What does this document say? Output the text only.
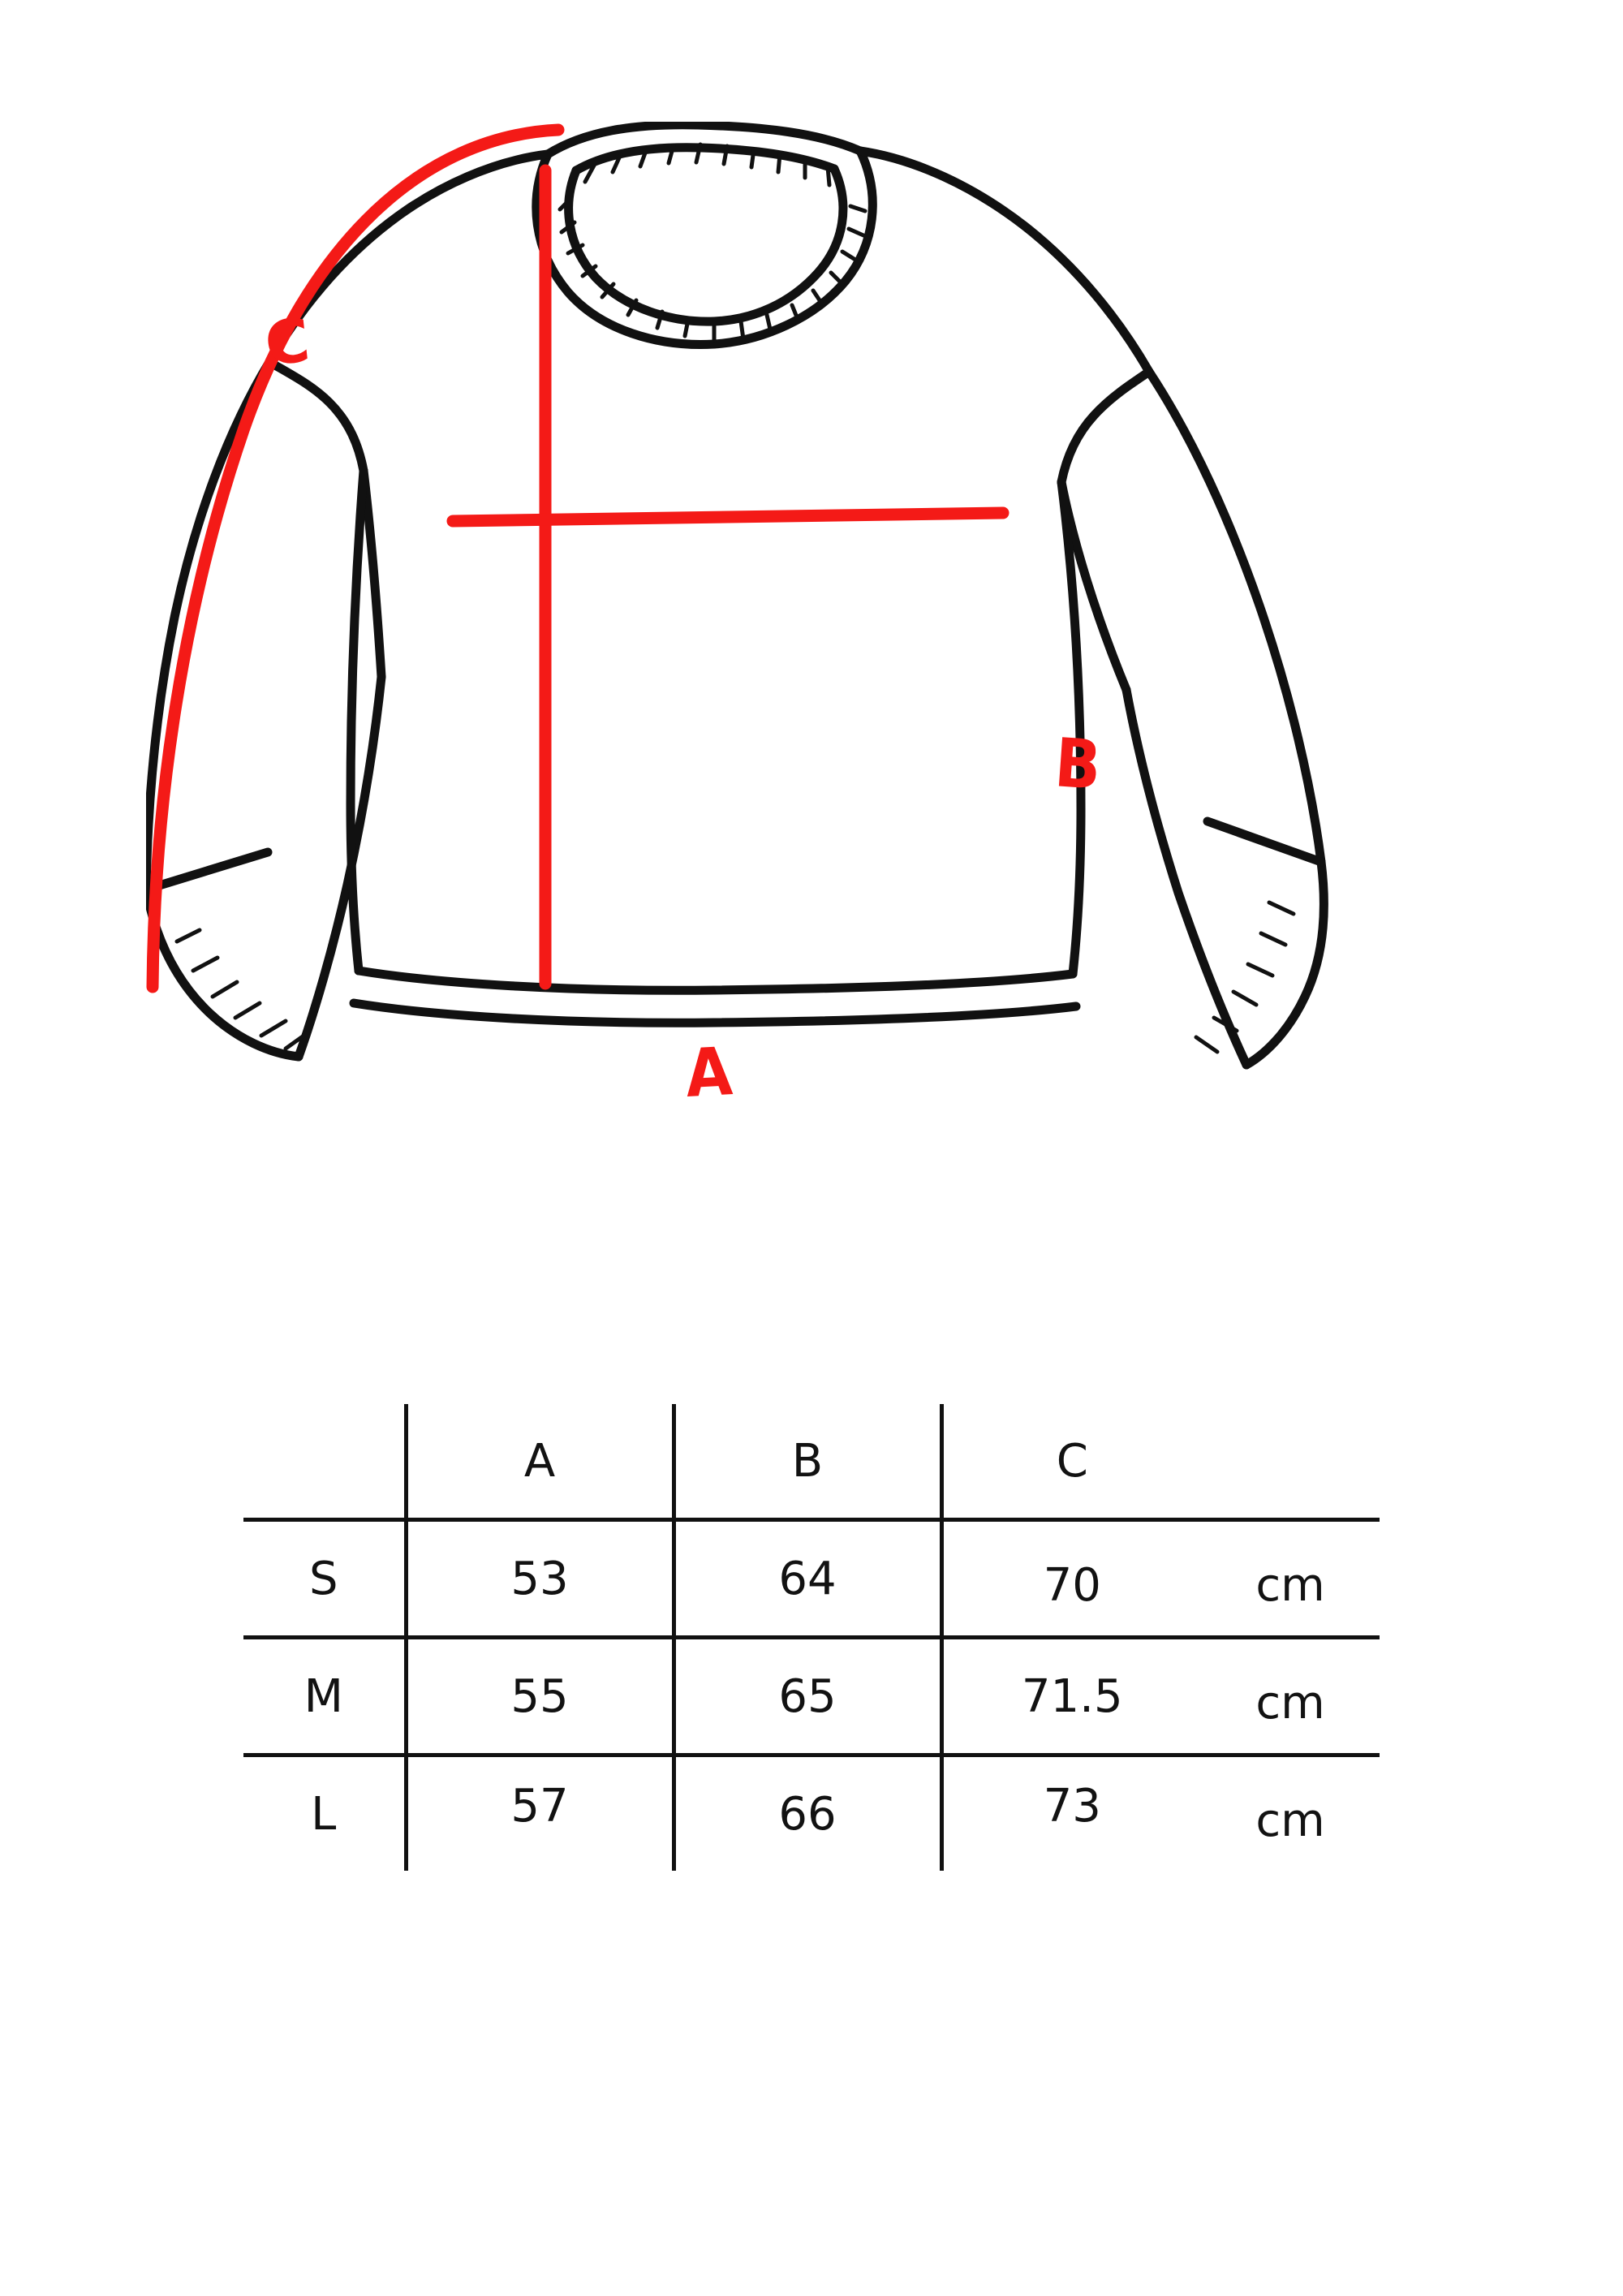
C
B
A
	A	B	C	
S	53	64	70	cm
M	55	65	71.5	cm
L	57	66	73	cm
